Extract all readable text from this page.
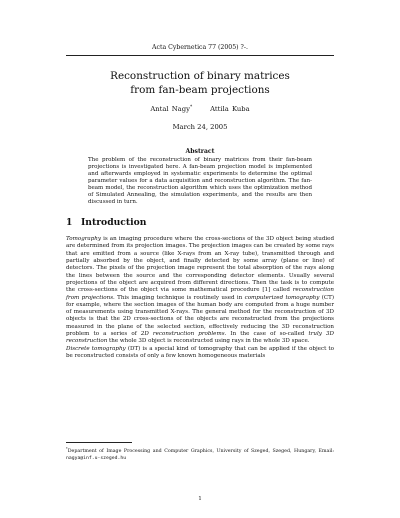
Acta Cybernetica 77 (2005) ?-.
Reconstruction of binary matrices
from fan-beam projections
Antal Nagy*	Attila Kuba
March 24, 2005
Abstract
The problem of the reconstruction of binary matrices from their fan-beam projections is investigated here. A fan-beam projection model is implemented and afterwards employed in systematic experiments to determine the optimal parameter values for a data acquisition and reconstruction algorithm. The fan-beam model, the reconstruction algorithm which uses the optimization method of Simulated Annealing, the simulation experiments, and the results are then discussed in turn.
1 Introduction

Tomography is an imaging procedure where the cross-sections of the 3D object being studied are determined from its projection images. The projection images can be created by some rays that are emitted from a source (like X-rays from an X-ray tube), transmitted through and partially absorbed by the object, and finally detected by some array (plane or line) of detectors. The pixels of the projection image represent the total absorption of the rays along the lines between the source and the corresponding detector elements. Usually several projections of the object are acquired from different directions. Then the task is to compute the cross-sections of the object via some mathematical procedure [1] called reconstruction from projections. This imaging technique is routinely used in computerized tomography (CT) for example, where the section images of the human body are computed from a huge number of measurements using transmitted X-rays. The general method for the reconstruction of 3D objects is that the 2D cross-sections of the objects are reconstructed from the projections measured in the plane of the selected section, effectively reducing the 3D reconstruction problem to a series of 2D reconstruction problems. In the case of so-called truly 3D reconstruction the whole 3D object is reconstructed using rays in the whole 3D space.

Discrete tomography (DT) is a special kind of tomography that can be applied if the object to be reconstructed consists of only a few known homogeneous materials

*Department of Image Processing and Computer Graphics, University of Szeged, Szeged, Hungary, Email: nagya@inf.u-szeged.hu
1
